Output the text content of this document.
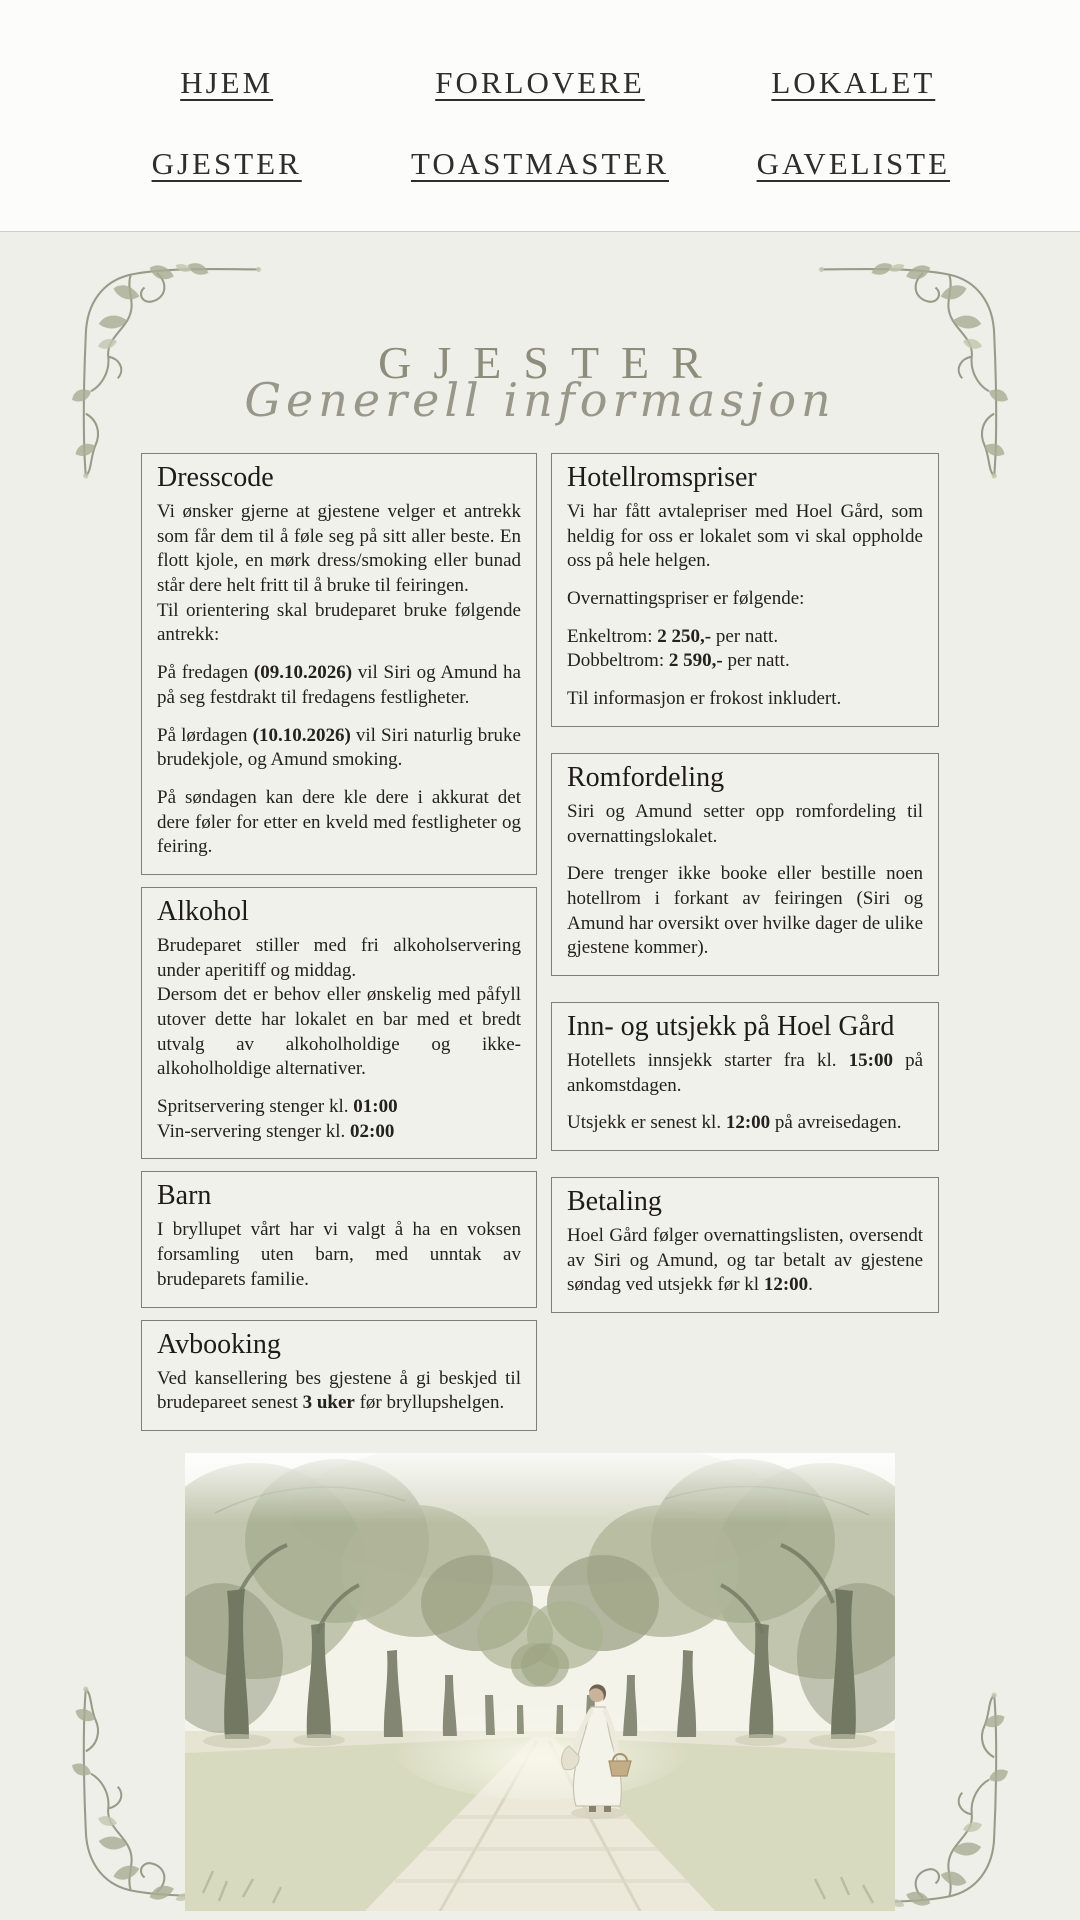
HJEM	FORLOVERE	LOKALET
GJESTER	TOASTMASTER	GAVELISTE
GJESTER
Generell informasjon
Dresscode

Vi ønsker gjerne at gjestene velger et antrekk som får dem til å føle seg på sitt aller beste. En flott kjole, en mørk dress/smoking eller bunad står dere helt fritt til å bruke til feiringen.

Til orientering skal brudeparet bruke følgende antrekk:

På fredagen (09.10.2026) vil Siri og Amund ha på seg festdrakt til fredagens festligheter.

På lørdagen (10.10.2026) vil Siri naturlig bruke brudekjole, og Amund smoking.

På søndagen kan dere kle dere i akkurat det dere føler for etter en kveld med festligheter og feiring.

Alkohol

Brudeparet stiller med fri alkoholservering under aperitiff og middag.

Dersom det er behov eller ønskelig med påfyll utover dette har lokalet en bar med et bredt utvalg av alkoholholdige og ikke-alkoholholdige alternativer.

Spritservering stenger kl. 01:00

Vin-servering stenger kl. 02:00

Barn

I bryllupet vårt har vi valgt å ha en voksen forsamling uten barn, med unntak av brudeparets familie.

Avbooking

Ved kansellering bes gjestene å gi beskjed til brudepareet senest 3 uker før bryllupshelgen.

Hotellromspriser

Vi har fått avtalepriser med Hoel Gård, som heldig for oss er lokalet som vi skal oppholde oss på hele helgen.

Overnattingspriser er følgende:

Enkeltrom: 2 250,- per natt.

Dobbeltrom: 2 590,- per natt.

Til informasjon er frokost inkludert.

Romfordeling

Siri og Amund setter opp romfordeling til overnattingslokalet.

Dere trenger ikke booke eller bestille noen hotellrom i forkant av feiringen (Siri og Amund har oversikt over hvilke dager de ulike gjestene kommer).

Inn- og utsjekk på Hoel Gård

Hotellets innsjekk starter fra kl. 15:00 på ankomstdagen.

Utsjekk er senest kl. 12:00 på avreisedagen.

Betaling

Hoel Gård følger overnattingslisten, oversendt av Siri og Amund, og tar betalt av gjestene søndag ved utsjekk før kl 12:00.
